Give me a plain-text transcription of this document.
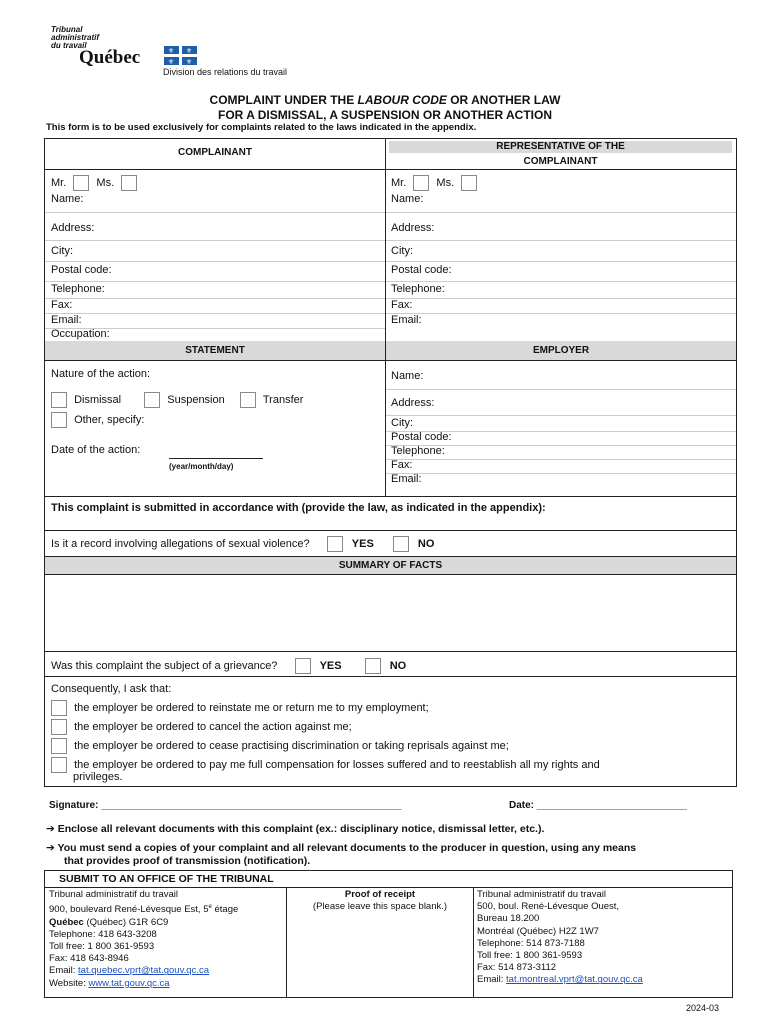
Tribunal
administratif
du travail
Québec	⚜ ⚜
⚜ ⚜
Division des relations du travail
COMPLAINT UNDER THE LABOUR CODE OR ANOTHER LAW
FOR A DISMISSAL, A SUSPENSION OR ANOTHER ACTION
This form is to be used exclusively for complaints related to the laws indicated in the appendix.
COMPLAINANT
REPRESENTATIVE OF THE
COMPLAINANT
Mr.	Ms.
Name:
Address:
City:
Postal code:
Telephone:
Fax:
Email:
Occupation:
Mr.	Ms.
Name:
Address:
City:
Postal code:
Telephone:
Fax:
Email:
STATEMENT	EMPLOYER
Nature of the action:
Dismissal	Suspension	Transfer
Other, specify:
Date of the action:
(year/month/day)
Name:
Address:
City:
Postal code:
Telephone:
Fax:
Email:
This complaint is submitted in accordance with (provide the law, as indicated in the appendix):
Is it a record involving allegations of sexual violence?	YES	NO
SUMMARY OF FACTS
Was this complaint the subject of a grievance?	YES	NO
Consequently, I ask that:
the employer be ordered to reinstate me or return me to my employment;
the employer be ordered to cancel the action against me;
the employer be ordered to cease practising discrimination or taking reprisals against me;
the employer be ordered to pay me full compensation for losses suffered and to reestablish all my rights and
privileges.
Signature: ______________________________________________________	Date: ___________________________
➔ Enclose all relevant documents with this complaint (ex.: disciplinary notice, dismissal letter, etc.).
➔ You must send a copies of your complaint and all relevant documents to the producer in question, using any means
that provides proof of transmission (notification).
SUBMIT TO AN OFFICE OF THE TRIBUNAL
Tribunal administratif du travail
900, boulevard René-Lévesque Est, 5e étage
Québec (Québec) G1R 6C9
Telephone: 418 643-3208
Toll free: 1 800 361-9593
Fax: 418 643-8946
Email: tat.quebec.vprt@tat.gouv.qc.ca
Website: www.tat.gouv.qc.ca
Proof of receipt
(Please leave this space blank.)
Tribunal administratif du travail
500, boul. René-Lévesque Ouest,
Bureau 18.200
Montréal (Québec) H2Z 1W7
Telephone: 514 873-7188
Toll free: 1 800 361-9593
Fax: 514 873-3112
Email: tat.montreal.vprt@tat.gouv.qc.ca
2024-03
